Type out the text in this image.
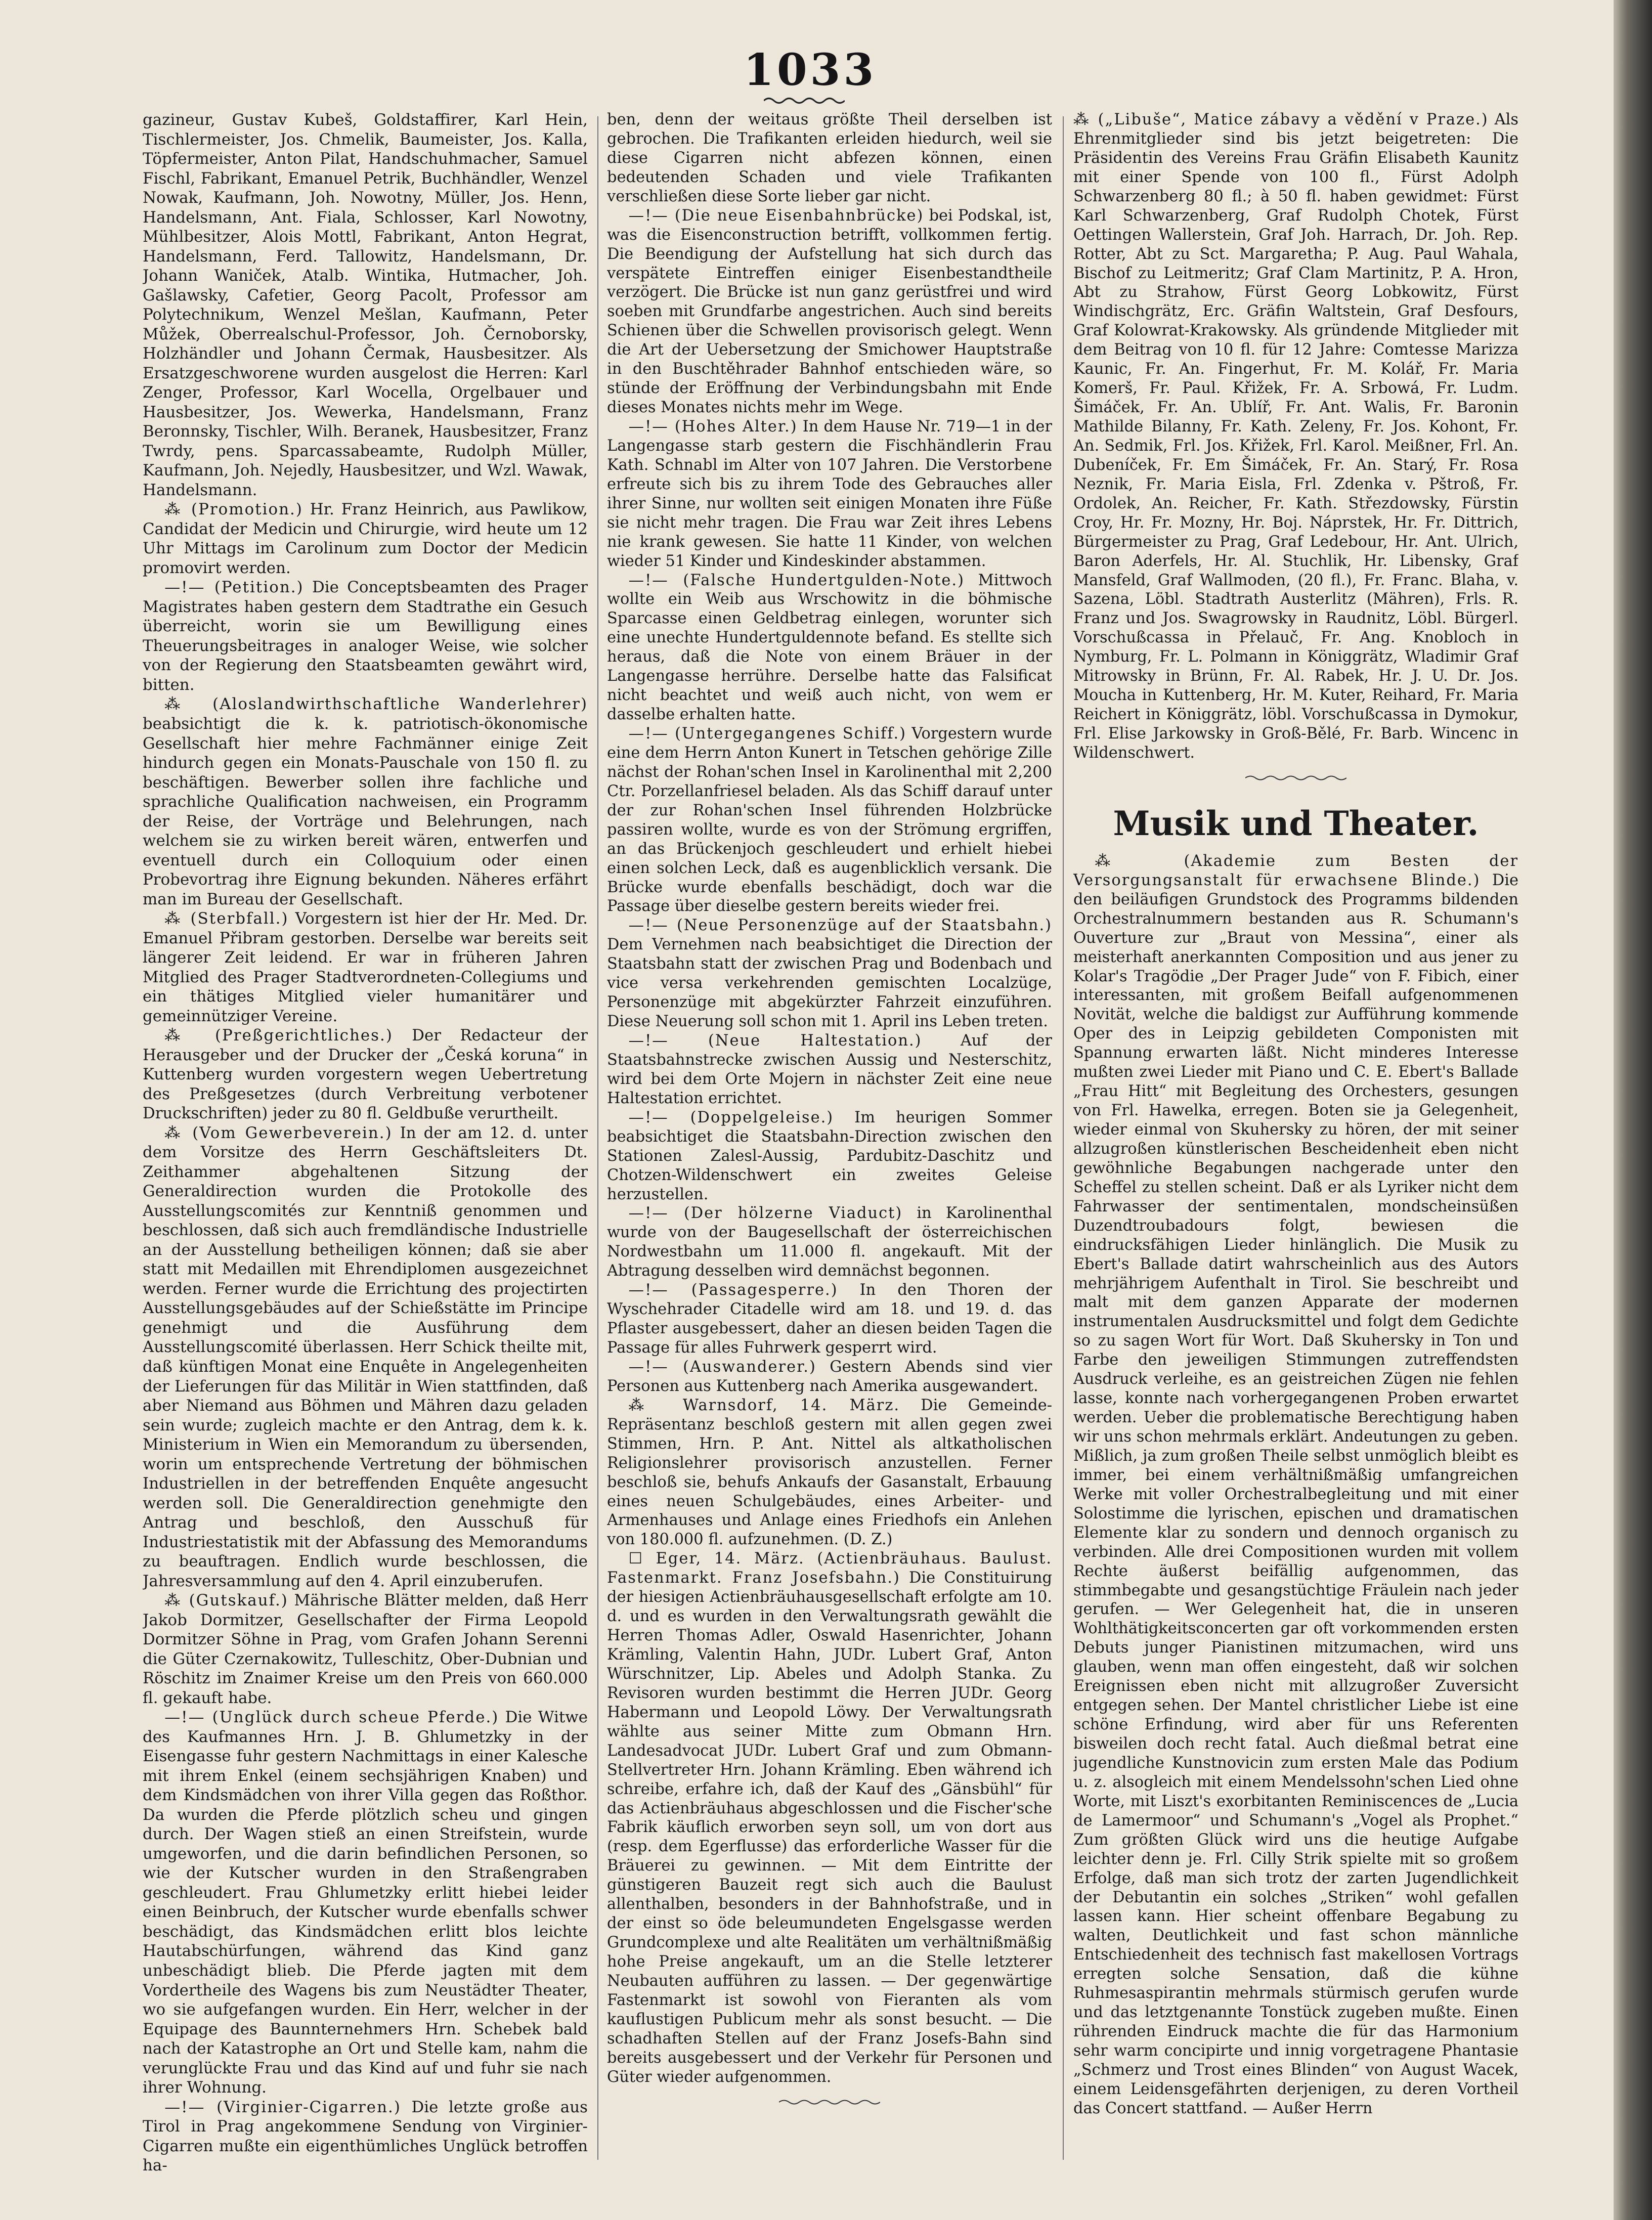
1033

gazineur, Gustav Kubeš, Goldstaffirer, Karl Hein, Tischlermeister, Jos. Chmelik, Baumeister, Jos. Kalla, Töpfermeister, Anton Pilat, Handschuhmacher, Samuel Fischl, Fabrikant, Emanuel Petrik, Buchhändler, Wenzel Nowak, Kaufmann, Joh. Nowotny, Müller, Jos. Henn, Handelsmann, Ant. Fiala, Schlosser, Karl Nowotny, Mühlbesitzer, Alois Mottl, Fabrikant, Anton Hegrat, Handelsmann, Ferd. Tallowitz, Handelsmann, Dr. Johann Waniček, Atalb. Wintika, Hutmacher, Joh. Gašlawsky, Cafetier, Georg Pacolt, Professor am Polytechnikum, Wenzel Mešlan, Kaufmann, Peter Můžek, Oberrealschul-Professor, Joh. Černoborsky, Holzhändler und Johann Čermak, Hausbesitzer. Als Ersatzgeschworene wurden ausgelost die Herren: Karl Zenger, Professor, Karl Wocella, Orgelbauer und Hausbesitzer, Jos. Wewerka, Handelsmann, Franz Beronnsky, Tischler, Wilh. Beranek, Hausbesitzer, Franz Twrdy, pens. Sparcassabeamte, Rudolph Müller, Kaufmann, Joh. Nejedly, Hausbesitzer, und Wzl. Wawak, Handelsmann.

⁂ (Promotion.) Hr. Franz Heinrich, aus Pawlikow, Candidat der Medicin und Chirurgie, wird heute um 12 Uhr Mittags im Carolinum zum Doctor der Medicin promovirt werden.

—!— (Petition.) Die Conceptsbeamten des Prager Magistrates haben gestern dem Stadtrathe ein Gesuch überreicht, worin sie um Bewilligung eines Theuerungsbeitrages in analoger Weise, wie solcher von der Regierung den Staatsbeamten gewährt wird, bitten.

⁂ (Aloslandwirthschaftliche Wanderlehrer) beabsichtigt die k. k. patriotisch-ökonomische Gesellschaft hier mehre Fachmänner einige Zeit hindurch gegen ein Monats-Pauschale von 150 fl. zu beschäftigen. Bewerber sollen ihre fachliche und sprachliche Qualification nachweisen, ein Programm der Reise, der Vorträge und Belehrungen, nach welchem sie zu wirken bereit wären, entwerfen und eventuell durch ein Colloquium oder einen Probevortrag ihre Eignung bekunden. Näheres erfährt man im Bureau der Gesellschaft.

⁂ (Sterbfall.) Vorgestern ist hier der Hr. Med. Dr. Emanuel Přibram gestorben. Derselbe war bereits seit längerer Zeit leidend. Er war in früheren Jahren Mitglied des Prager Stadtverordneten-Collegiums und ein thätiges Mitglied vieler humanitärer und gemeinnütziger Vereine.

⁂ (Preßgerichtliches.) Der Redacteur der Herausgeber und der Drucker der „Česká koruna“ in Kuttenberg wurden vorgestern wegen Uebertretung des Preßgesetzes (durch Verbreitung verbotener Druckschriften) jeder zu 80 fl. Geldbuße verurtheilt.

⁂ (Vom Gewerbeverein.) In der am 12. d. unter dem Vorsitze des Herrn Geschäftsleiters Dt. Zeithammer abgehaltenen Sitzung der Generaldirection wurden die Protokolle des Ausstellungscomités zur Kenntniß genommen und beschlossen, daß sich auch fremdländische Industrielle an der Ausstellung betheiligen können; daß sie aber statt mit Medaillen mit Ehrendiplomen ausgezeichnet werden. Ferner wurde die Errichtung des projectirten Ausstellungsgebäudes auf der Schießstätte im Principe genehmigt und die Ausführung dem Ausstellungscomité überlassen. Herr Schick theilte mit, daß künftigen Monat eine Enquête in Angelegenheiten der Lieferungen für das Militär in Wien stattfinden, daß aber Niemand aus Böhmen und Mähren dazu geladen sein wurde; zugleich machte er den Antrag, dem k. k. Ministerium in Wien ein Memorandum zu übersenden, worin um entsprechende Vertretung der böhmischen Industriellen in der betreffenden Enquête angesucht werden soll. Die Generaldirection genehmigte den Antrag und beschloß, den Ausschuß für Industriestatistik mit der Abfassung des Memorandums zu beauftragen. Endlich wurde beschlossen, die Jahresversammlung auf den 4. April einzuberufen.

⁂ (Gutskauf.) Mährische Blätter melden, daß Herr Jakob Dormitzer, Gesellschafter der Firma Leopold Dormitzer Söhne in Prag, vom Grafen Johann Serenni die Güter Czernakowitz, Tulleschitz, Ober-Dubnian und Röschitz im Znaimer Kreise um den Preis von 660.000 fl. gekauft habe.

—!— (Unglück durch scheue Pferde.) Die Witwe des Kaufmannes Hrn. J. B. Ghlumetzky in der Eisengasse fuhr gestern Nachmittags in einer Kalesche mit ihrem Enkel (einem sechsjährigen Knaben) und dem Kindsmädchen von ihrer Villa gegen das Roßthor. Da wurden die Pferde plötzlich scheu und gingen durch. Der Wagen stieß an einen Streifstein, wurde umgeworfen, und die darin befindlichen Personen, so wie der Kutscher wurden in den Straßengraben geschleudert. Frau Ghlumetzky erlitt hiebei leider einen Beinbruch, der Kutscher wurde ebenfalls schwer beschädigt, das Kindsmädchen erlitt blos leichte Hautabschürfungen, während das Kind ganz unbeschädigt blieb. Die Pferde jagten mit dem Vordertheile des Wagens bis zum Neustädter Theater, wo sie aufgefangen wurden. Ein Herr, welcher in der Equipage des Baunnternehmers Hrn. Schebek bald nach der Katastrophe an Ort und Stelle kam, nahm die verunglückte Frau und das Kind auf und fuhr sie nach ihrer Wohnung.

—!— (Virginier-Cigarren.) Die letzte große aus Tirol in Prag angekommene Sendung von Virginier-Cigarren mußte ein eigenthümliches Unglück betroffen ha-

ben, denn der weitaus größte Theil derselben ist gebrochen. Die Trafikanten erleiden hiedurch, weil sie diese Cigarren nicht abfezen können, einen bedeutenden Schaden und viele Trafikanten verschließen diese Sorte lieber gar nicht.

—!— (Die neue Eisenbahnbrücke) bei Podskal, ist, was die Eisenconstruction betrifft, vollkommen fertig. Die Beendigung der Aufstellung hat sich durch das verspätete Eintreffen einiger Eisenbestandtheile verzögert. Die Brücke ist nun ganz gerüstfrei und wird soeben mit Grundfarbe angestrichen. Auch sind bereits Schienen über die Schwellen provisorisch gelegt. Wenn die Art der Uebersetzung der Smichower Hauptstraße in den Buschtěhrader Bahnhof entschieden wäre, so stünde der Eröffnung der Verbindungsbahn mit Ende dieses Monates nichts mehr im Wege.

—!— (Hohes Alter.) In dem Hause Nr. 719—1 in der Langengasse starb gestern die Fischhändlerin Frau Kath. Schnabl im Alter von 107 Jahren. Die Verstorbene erfreute sich bis zu ihrem Tode des Gebrauches aller ihrer Sinne, nur wollten seit einigen Monaten ihre Füße sie nicht mehr tragen. Die Frau war Zeit ihres Lebens nie krank gewesen. Sie hatte 11 Kinder, von welchen wieder 51 Kinder und Kindeskinder abstammen.

—!— (Falsche Hundertgulden-Note.) Mittwoch wollte ein Weib aus Wrschowitz in die böhmische Sparcasse einen Geldbetrag einlegen, worunter sich eine unechte Hundertguldennote befand. Es stellte sich heraus, daß die Note von einem Bräuer in der Langengasse herrühre. Derselbe hatte das Falsificat nicht beachtet und weiß auch nicht, von wem er dasselbe erhalten hatte.

—!— (Untergegangenes Schiff.) Vorgestern wurde eine dem Herrn Anton Kunert in Tetschen gehörige Zille nächst der Rohan'schen Insel in Karolinenthal mit 2,200 Ctr. Porzellanfriesel beladen. Als das Schiff darauf unter der zur Rohan'schen Insel führenden Holzbrücke passiren wollte, wurde es von der Strömung ergriffen, an das Brückenjoch geschleudert und erhielt hiebei einen solchen Leck, daß es augenblicklich versank. Die Brücke wurde ebenfalls beschädigt, doch war die Passage über dieselbe gestern bereits wieder frei.

—!— (Neue Personenzüge auf der Staatsbahn.) Dem Vernehmen nach beabsichtiget die Direction der Staatsbahn statt der zwischen Prag und Bodenbach und vice versa verkehrenden gemischten Localzüge, Personenzüge mit abgekürzter Fahrzeit einzuführen. Diese Neuerung soll schon mit 1. April ins Leben treten.

—!— (Neue Haltestation.)	Auf der Staatsbahnstrecke zwischen Aussig und Nesterschitz, wird bei dem Orte Mojern in nächster Zeit eine neue Haltestation errichtet.

—!— (Doppelgeleise.) Im heurigen Sommer beabsichtiget die Staatsbahn-Direction zwischen den Stationen Zalesl-Aussig, Pardubitz-Daschitz und Chotzen-Wildenschwert ein zweites Geleise herzustellen.

—!— (Der hölzerne Viaduct) in Karolinenthal wurde von der Baugesellschaft der österreichischen Nordwestbahn um 11.000 fl. angekauft. Mit der Abtragung desselben wird demnächst begonnen.

—!— (Passagesperre.) In den Thoren der Wyschehrader Citadelle wird am 18. und 19. d. das Pflaster ausgebessert, daher an diesen beiden Tagen die Passage für alles Fuhrwerk gesperrt wird.

—!— (Auswanderer.) Gestern Abends sind vier Personen aus Kuttenberg nach Amerika ausgewandert.

⁂ Warnsdorf, 14. März. Die Gemeinde-Repräsentanz beschloß gestern mit allen gegen zwei Stimmen, Hrn. P. Ant. Nittel als altkatholischen Religionslehrer provisorisch anzustellen. Ferner beschloß sie, behufs Ankaufs der Gasanstalt, Erbauung eines neuen Schulgebäudes, eines Arbeiter- und Armenhauses und Anlage eines Friedhofs ein Anlehen von 180.000 fl. aufzunehmen. (D. Z.)

☐ Eger, 14. März. (Actienbräuhaus. Baulust. Fastenmarkt. Franz Josefsbahn.) Die Constituirung der hiesigen Actienbräuhausgesellschaft erfolgte am 10. d. und es wurden in den Verwaltungsrath gewählt die Herren Thomas Adler, Oswald Hasenrichter, Johann Krämling, Valentin Hahn, JUDr. Lubert Graf, Anton Würschnitzer, Lip. Abeles und Adolph Stanka. Zu Revisoren wurden bestimmt die Herren JUDr. Georg Habermann und Leopold Löwy. Der Verwaltungsrath wählte aus seiner Mitte zum Obmann Hrn. Landesadvocat JUDr. Lubert Graf und zum Obmann-Stellvertreter Hrn. Johann Krämling. Eben während ich schreibe, erfahre ich, daß der Kauf des „Gänsbühl“ für das Actienbräuhaus abgeschlossen und die Fischer'sche Fabrik käuflich erworben seyn soll, um von dort aus (resp. dem Egerflusse) das erforderliche Wasser für die Bräuerei zu gewinnen. — Mit dem Eintritte der günstigeren Bauzeit regt sich auch die Baulust allenthalben, besonders in der Bahnhofstraße, und in der einst so öde beleumundeten Engelsgasse werden Grundcomplexe und alte Realitäten um verhältnißmäßig hohe Preise angekauft, um an die Stelle letzterer Neubauten aufführen zu lassen. — Der gegenwärtige Fastenmarkt ist sowohl von Fieranten als vom kauflustigen Publicum mehr als sonst besucht. — Die schadhaften Stellen auf der Franz Josefs-Bahn sind bereits ausgebessert und der Verkehr für Personen und Güter wieder aufgenommen.

⁂ („Libuše“, Matice zábavy a vědění v Praze.) Als Ehrenmitglieder sind bis jetzt beigetreten: Die Präsidentin des Vereins Frau Gräfin Elisabeth Kaunitz mit einer Spende von 100 fl., Fürst Adolph Schwarzenberg 80 fl.; à 50 fl. haben gewidmet: Fürst Karl Schwarzenberg, Graf Rudolph Chotek, Fürst Oettingen Wallerstein, Graf Joh. Harrach, Dr. Joh. Rep. Rotter, Abt zu Sct. Margaretha; P. Aug. Paul Wahala, Bischof zu Leitmeritz; Graf Clam Martinitz, P. A. Hron, Abt zu Strahow, Fürst Georg Lobkowitz, Fürst Windischgrätz, Erc. Gräfin Waltstein, Graf Desfours, Graf Kolowrat-Krakowsky. Als gründende Mitglieder mit dem Beitrag von 10 fl. für 12 Jahre: Comtesse Marizza Kaunic, Fr. An. Fingerhut, Fr. M. Kolář, Fr. Maria Komerš, Fr. Paul. Křižek, Fr. A. Srbowá, Fr. Ludm. Šimáček, Fr. An. Ublíř, Fr. Ant. Walis, Fr. Baronin Mathilde Bilanny, Fr. Kath. Zeleny, Fr. Jos. Kohont, Fr. An. Sedmik, Frl. Jos. Křižek, Frl. Karol. Meißner, Frl. An. Dubeníček, Fr. Em Šimáček, Fr. An. Starý, Fr. Rosa Neznik, Fr. Maria Eisla, Frl. Zdenka v. Pštroß, Fr. Ordolek, An. Reicher, Fr. Kath. Střezdowsky, Fürstin Croy, Hr. Fr. Mozny, Hr. Boj. Náprstek, Hr. Fr. Dittrich, Bürgermeister zu Prag, Graf Ledebour, Hr. Ant. Ulrich, Baron Aderfels, Hr. Al. Stuchlik, Hr. Libensky, Graf Mansfeld, Graf Wallmoden, (20 fl.), Fr. Franc. Blaha, v. Sazena, Löbl. Stadtrath Austerlitz (Mähren), Frls. R. Franz und Jos. Swagrowsky in Raudnitz, Löbl. Bürgerl. Vorschußcassa in Přelauč, Fr. Ang. Knobloch in Nymburg, Fr. L. Polmann in Königgrätz, Wladimir Graf Mitrowsky in Brünn, Fr. Al. Rabek, Hr. J. U. Dr. Jos. Moucha in Kuttenberg, Hr. M. Kuter, Reihard, Fr. Maria Reichert in Königgrätz, löbl. Vorschußcassa in Dymokur, Frl. Elise Jarkowsky in Groß-Bělé, Fr. Barb. Wincenc in Wildenschwert.

Musik und Theater.

⁂ (Akademie zum Besten der Versorgungsanstalt für erwachsene Blinde.) Die den beiläufigen Grundstock des Programms bildenden Orchestralnummern bestanden aus R. Schumann's Ouverture zur „Braut von Messina“, einer als meisterhaft anerkannten Composition und aus jener zu Kolar's Tragödie „Der Prager Jude“ von F. Fibich, einer interessanten, mit großem Beifall aufgenommenen Novität, welche die baldigst zur Aufführung kommende Oper des in Leipzig gebildeten Componisten mit Spannung erwarten läßt. Nicht minderes Interesse mußten zwei Lieder mit Piano und C. E. Ebert's Ballade „Frau Hitt“ mit Begleitung des Orchesters, gesungen von Frl. Hawelka, erregen. Boten sie ja Gelegenheit, wieder einmal von Skuhersky zu hören, der mit seiner allzugroßen künstlerischen Bescheidenheit eben nicht gewöhnliche Begabungen nachgerade unter den Scheffel zu stellen scheint. Daß er als Lyriker nicht dem Fahrwasser der sentimentalen, mondscheinsüßen Duzendtroubadours folgt, bewiesen die eindrucksfähigen Lieder hinlänglich. Die Musik zu Ebert's Ballade datirt wahrscheinlich aus des Autors mehrjährigem Aufenthalt in Tirol. Sie beschreibt und malt mit dem ganzen Apparate der modernen instrumentalen Ausdrucksmittel und folgt dem Gedichte so zu sagen Wort für Wort. Daß Skuhersky in Ton und Farbe den jeweiligen Stimmungen zutreffendsten Ausdruck verleihe, es an geistreichen Zügen nie fehlen lasse, konnte nach vorhergegangenen Proben erwartet werden. Ueber die problematische Berechtigung haben wir uns schon mehrmals erklärt. Andeutungen zu geben. Mißlich, ja zum großen Theile selbst unmöglich bleibt es immer, bei einem verhältnißmäßig umfangreichen Werke mit voller Orchestralbegleitung und mit einer Solostimme die lyrischen, epischen und dramatischen Elemente klar zu sondern und dennoch organisch zu verbinden. Alle drei Compositionen wurden mit vollem Rechte äußerst beifällig aufgenommen, das stimmbegabte und gesangstüchtige Fräulein nach jeder gerufen. — Wer Gelegenheit hat, die in unseren Wohlthätigkeitsconcerten gar oft vorkommenden ersten Debuts junger Pianistinen mitzumachen, wird uns glauben, wenn man offen eingesteht, daß wir solchen Ereignissen eben nicht mit allzugroßer Zuversicht entgegen sehen. Der Mantel christlicher Liebe ist eine schöne Erfindung, wird aber für uns Referenten bisweilen doch recht fatal. Auch dießmal betrat eine jugendliche Kunstnovicin zum ersten Male das Podium u. z. alsogleich mit einem Mendelssohn'schen Lied ohne Worte, mit Liszt's exorbitanten Reminiscences de „Lucia de Lamermoor“ und Schumann's „Vogel als Prophet.“ Zum größten Glück wird uns die heutige Aufgabe leichter denn je. Frl. Cilly Strik spielte mit so großem Erfolge, daß man sich trotz der zarten Jugendlichkeit der Debutantin ein solches „Striken“ wohl gefallen lassen kann. Hier scheint offenbare Begabung zu walten, Deutlichkeit und fast schon männliche Entschiedenheit des technisch fast makellosen Vortrags erregten solche Sensation, daß die kühne Ruhmesaspirantin mehrmals stürmisch gerufen wurde und das letztgenannte Tonstück zugeben mußte. Einen rührenden Eindruck machte die für das Harmonium sehr warm concipirte und innig vorgetragene Phantasie „Schmerz und Trost eines Blinden“ von August Wacek, einem Leidensgefährten derjenigen, zu deren Vortheil das Concert stattfand. — Außer Herrn
